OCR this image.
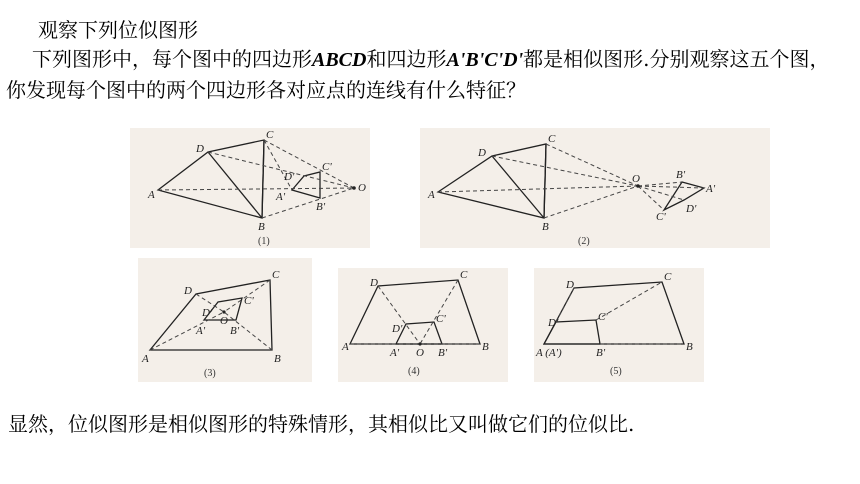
观察下列位似图形
下列图形中，每个图中的四边形ABCD和四边形A'B'C'D'都是相似图形.分别观察这五个图，你发现每个图中的两个四边形各对应点的连线有什么特征？
A
B
C
D
O
A'
B'
C'
D'
(1)
A
B
C
D
O
A'
B'
C'
D'
(2)
A	B
C
D
O
A' B'
C'
D'
(3)
A	B
C
D
O
A'	B'
C'
D'
(4)
A (A')	B
C
D
B'
C'
D'
(5)
显然，位似图形是相似图形的特殊情形，其相似比又叫做它们的位似比.
